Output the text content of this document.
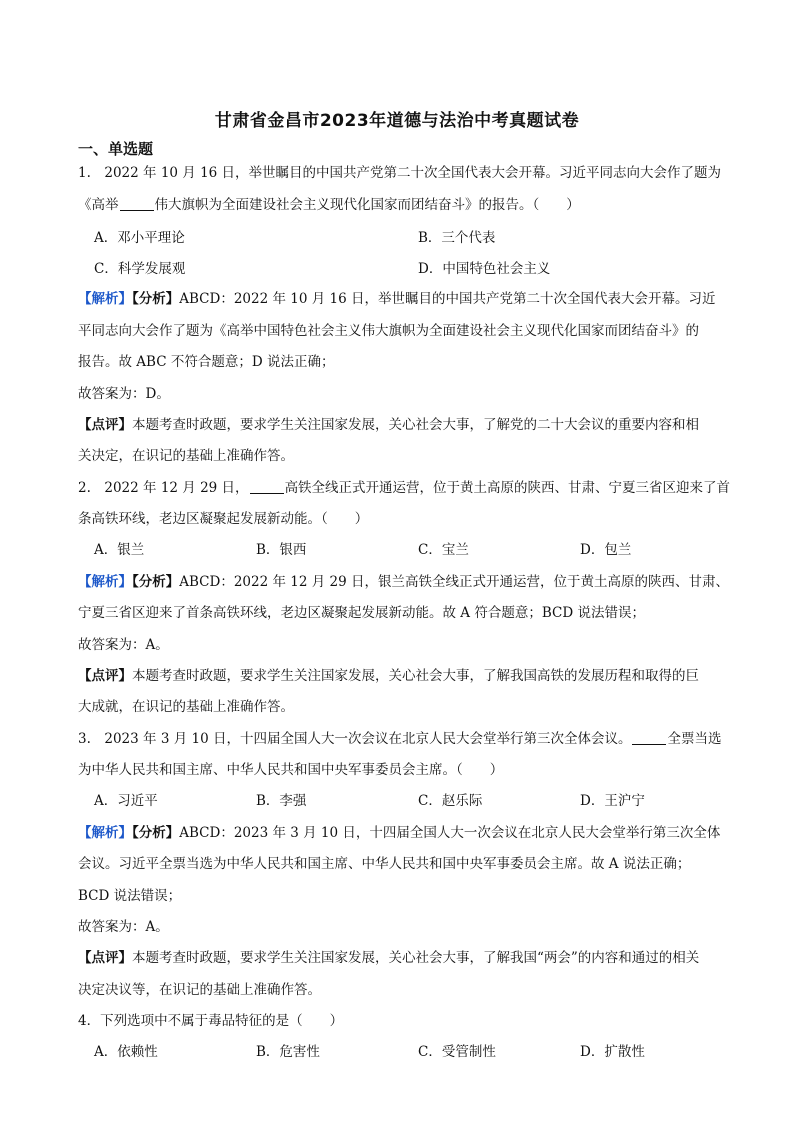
甘肃省金昌市2023年道德与法治中考真题试卷
一、单选题
1.　2022 年 10 月 16 日，举世瞩目的中国共产党第二十次全国代表大会开幕。习近平同志向大会作了题为
《高举	伟大旗帜为全面建设社会主义现代化国家而团结奋斗》的报告。（　　）
A．邓小平理论	B．三个代表
C．科学发展观	D．中国特色社会主义
【解析】【分析】ABCD：2022 年 10 月 16 日，举世瞩目的中国共产党第二十次全国代表大会开幕。习近
平同志向大会作了题为《高举中国特色社会主义伟大旗帜为全面建设社会主义现代化国家而团结奋斗》的
报告。故 ABC 不符合题意；D 说法正确；
故答案为：D。
【点评】本题考查时政题，要求学生关注国家发展，关心社会大事，了解党的二十大会议的重要内容和相
关决定，在识记的基础上准确作答。
2.　2022 年 12 月 29 日，	高铁全线正式开通运营，位于黄土高原的陕西、甘肃、宁夏三省区迎来了首
条高铁环线，老边区凝聚起发展新动能。（　　）
A．银兰	B．银西	C．宝兰	D．包兰
【解析】【分析】ABCD：2022 年 12 月 29 日，银兰高铁全线正式开通运营，位于黄土高原的陕西、甘肃、
宁夏三省区迎来了首条高铁环线，老边区凝聚起发展新动能。故 A 符合题意；BCD 说法错误；
故答案为：A。
【点评】本题考查时政题，要求学生关注国家发展，关心社会大事，了解我国高铁的发展历程和取得的巨
大成就，在识记的基础上准确作答。
3.　2023 年 3 月 10 日，十四届全国人大一次会议在北京人民大会堂举行第三次全体会议。	全票当选
为中华人民共和国主席、中华人民共和国中央军事委员会主席。（　　）
A．习近平	B．李强	C．赵乐际	D．王沪宁
【解析】【分析】ABCD：2023 年 3 月 10 日，十四届全国人大一次会议在北京人民大会堂举行第三次全体
会议。习近平全票当选为中华人民共和国主席、中华人民共和国中央军事委员会主席。故 A 说法正确；
BCD 说法错误；
故答案为：A。
【点评】本题考查时政题，要求学生关注国家发展，关心社会大事，了解我国“两会”的内容和通过的相关
决定决议等，在识记的基础上准确作答。
4．下列选项中不属于毒品特征的是（　　）
A．依赖性	B．危害性	C．受管制性	D．扩散性
